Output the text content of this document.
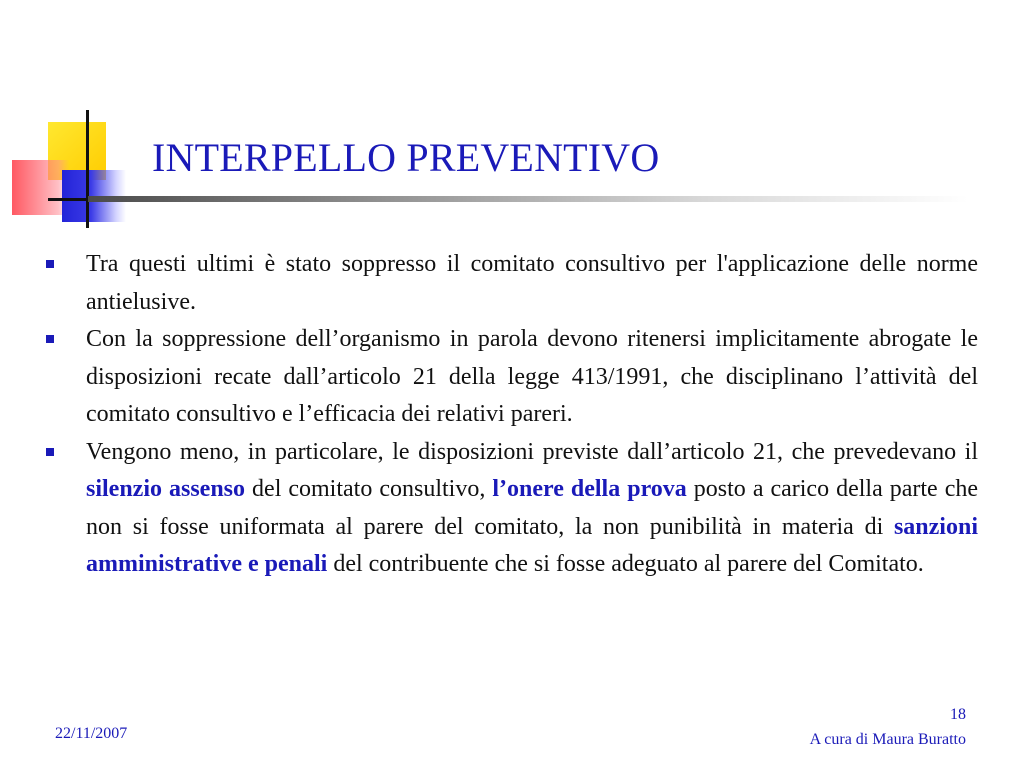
INTERPELLO PREVENTIVO
Tra questi ultimi è stato soppresso il comitato consultivo per l'applicazione delle norme antielusive.
Con la soppressione dell’organismo in parola devono ritenersi implicitamente abrogate le disposizioni recate dall’articolo 21 della legge 413/1991, che disciplinano l’attività del comitato consultivo e l’efficacia dei relativi pareri.
Vengono meno, in particolare, le disposizioni previste dall’articolo 21, che prevedevano il silenzio assenso del comitato consultivo, l’onere della prova posto a carico della parte che non si fosse uniformata al parere del comitato, la non punibilità in materia di sanzioni amministrative e penali del contribuente che si fosse adeguato al parere del Comitato.
22/11/2007
18
A cura di Maura Buratto
